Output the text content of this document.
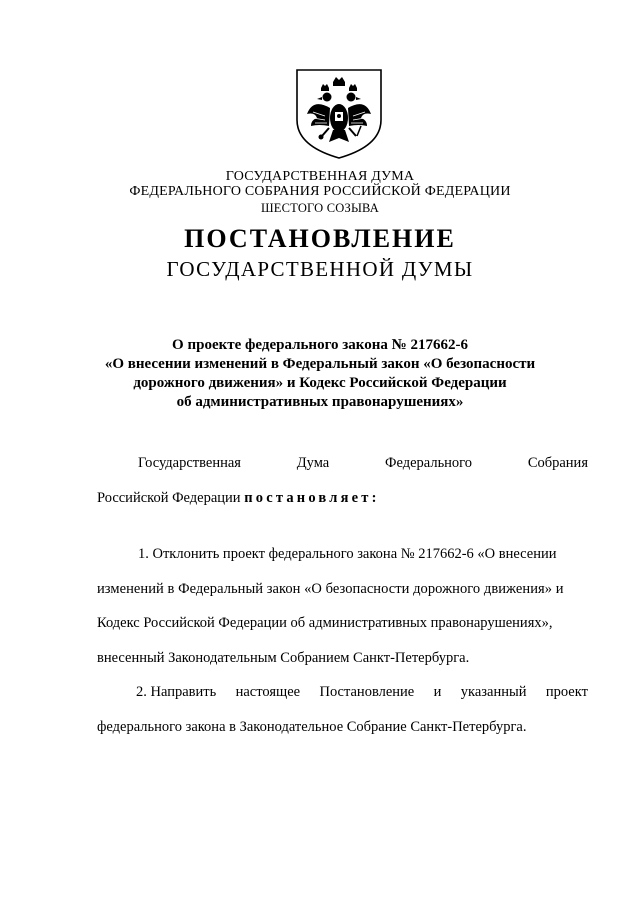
ГОСУДАРСТВЕННАЯ ДУМА
ФЕДЕРАЛЬНОГО СОБРАНИЯ РОССИЙСКОЙ ФЕДЕРАЦИИ
ШЕСТОГО СОЗЫВА
ПОСТАНОВЛЕНИЕ
ГОСУДАРСТВЕННОЙ ДУМЫ
О проекте федерального закона № 217662-6
«О внесении изменений в Федеральный закон «О безопасности
дорожного движения» и Кодекс Российской Федерации
об административных правонарушениях»
Государственная	Дума	Федерального	Собрания
Российской Федерации постановляет:
1. Отклонить проект федерального закона № 217662-6 «О внесении
изменений в Федеральный закон «О безопасности дорожного движения» и
Кодекс Российской Федерации об административных правонарушениях»,
внесенный Законодательным Собранием Санкт-Петербурга.
2. Направить настоящее Постановление и указанный проект
федерального закона в Законодательное Собрание Санкт-Петербурга.
